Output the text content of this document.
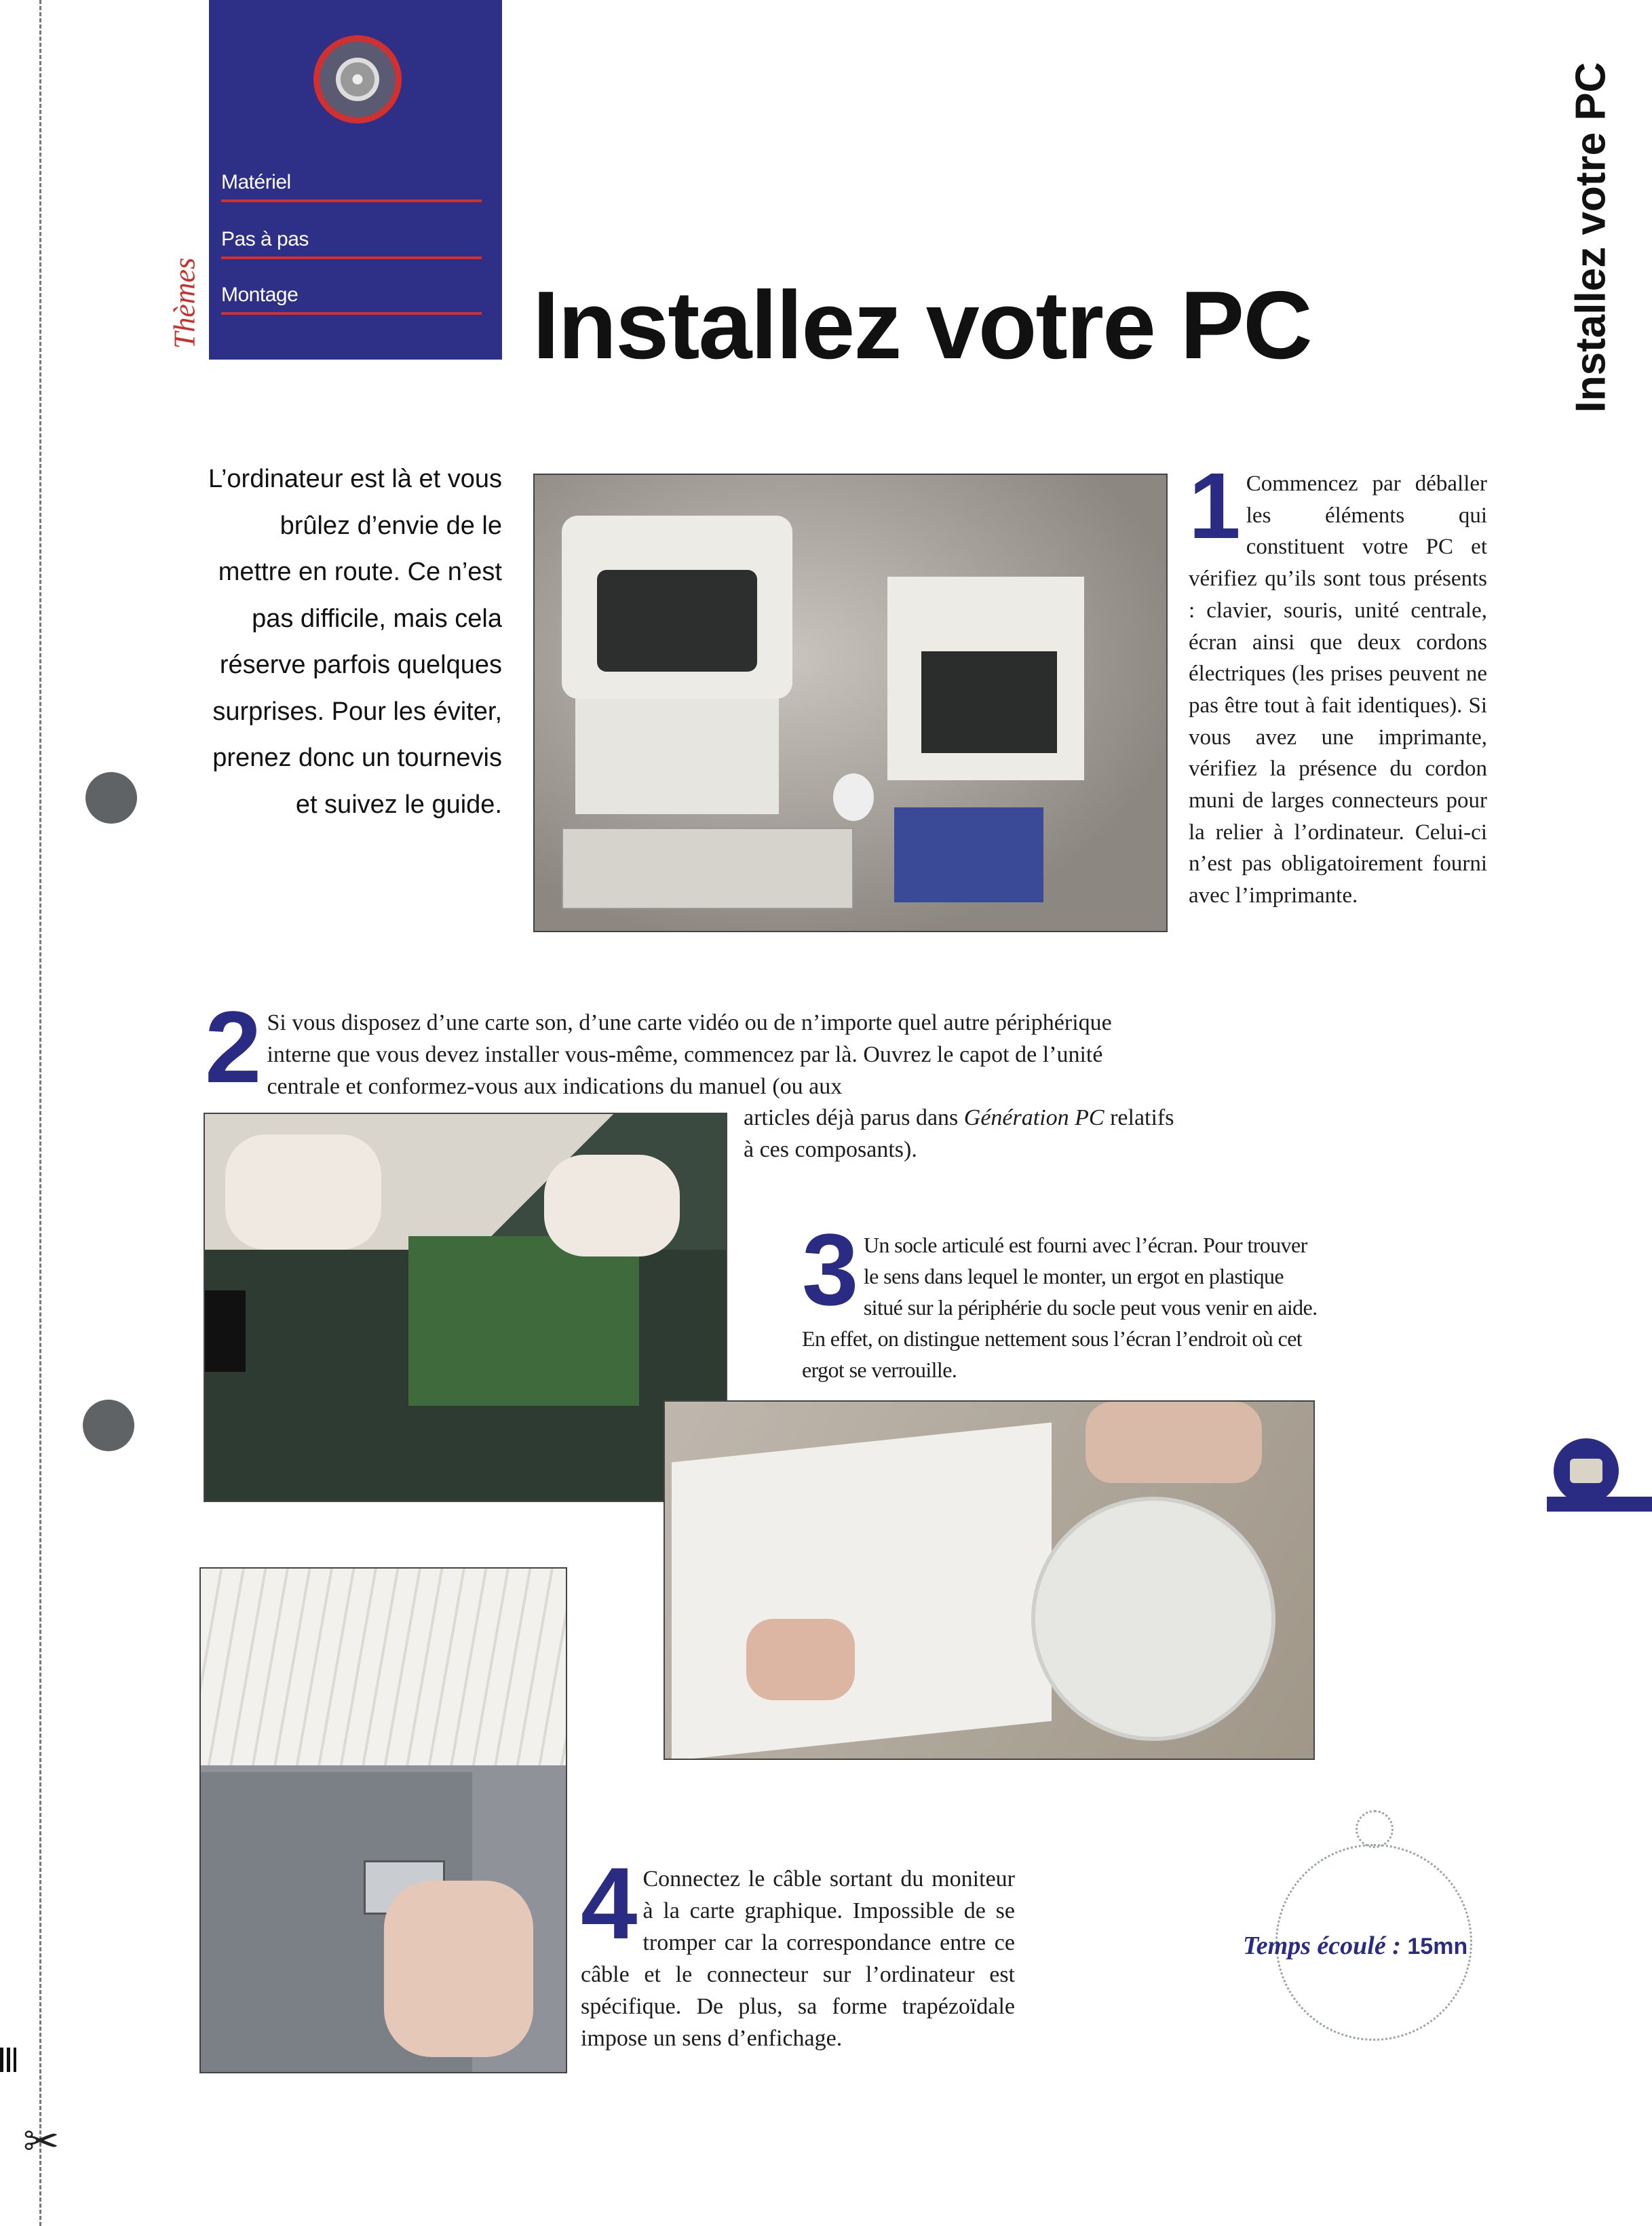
✂
Matériel
Pas à pas
Montage
Thèmes	Installez votre PC	Installez votre PC
L’ordinateur est là et vous brûlez d’envie de le mettre en route. Ce n’est pas difficile, mais cela réserve parfois quelques surprises. Pour les éviter, prenez donc un tournevis et suivez le guide.
1 Commencez par déballer les éléments qui constituent votre PC et vérifiez qu’ils sont tous présents : clavier, souris, unité centrale, écran ainsi que deux cordons électriques (les prises peuvent ne pas être tout à fait identiques). Si vous avez une imprimante, vérifiez la présence du cordon muni de larges connecteurs pour la relier à l’ordinateur. Celui-ci n’est pas obligatoirement fourni avec l’imprimante.
2 Si vous disposez d’une carte son, d’une carte vidéo ou de n’importe quel autre périphérique interne que vous devez installer vous-même, commencez par là. Ouvrez le capot de l’unité centrale et conformez-vous aux indications du manuel (ou aux
articles déjà parus dans Génération PC relatifs à ces composants).
3 Un socle articulé est fourni avec l’écran. Pour trouver le sens dans lequel le monter, un ergot en plastique situé sur la périphérie du socle peut vous venir en aide. En effet, on distingue nettement sous l’écran l’endroit où cet ergot se verrouille.
4 Connectez le câble sortant du moniteur à la carte graphique. Impossible de se tromper car la correspondance entre ce câble et le connecteur sur l’ordinateur est spécifique. De plus, sa forme trapézoïdale impose un sens d’enfichage.
Temps écoulé : 15mn
